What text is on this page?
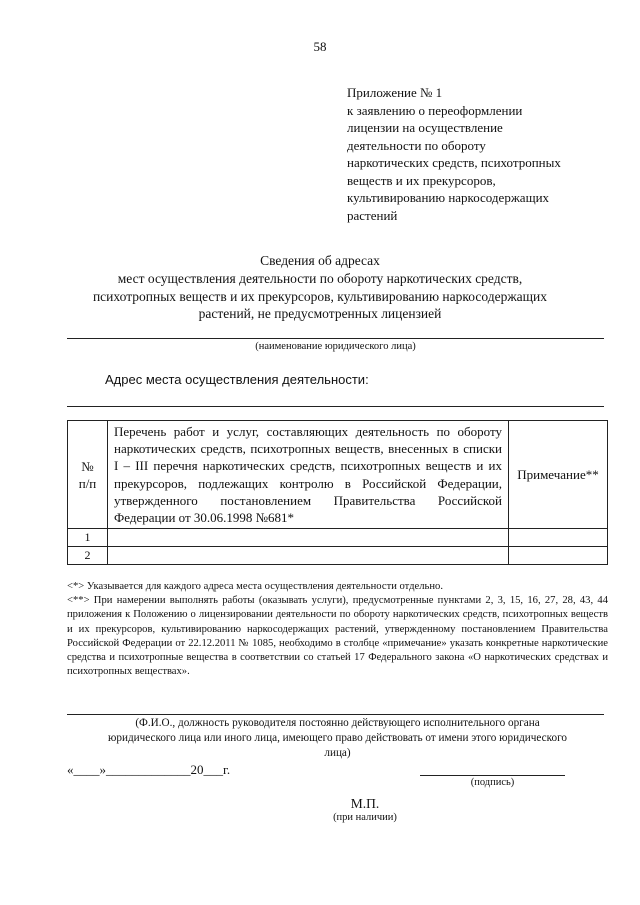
58
Приложение № 1
к заявлению о переоформлении
лицензии на осуществление
деятельности по обороту
наркотических средств, психотропных
веществ и их прекурсоров,
культивированию наркосодержащих
растений
Сведения об адресах
мест осуществления деятельности по обороту наркотических средств,
психотропных веществ и их прекурсоров, культивированию наркосодержащих
растений, не предусмотренных лицензией
(наименование юридического лица)
Адрес места осуществления деятельности:
№
п/п	Перечень работ и услуг, составляющих деятельность по обороту наркотических средств, психотропных веществ, внесенных в списки I – III перечня наркотических средств, психотропных веществ и их прекурсоров, подлежащих контролю в Российской Федерации, утвержденного постановлением Правительства Российской Федерации от 30.06.1998 №681*	Примечание**
1		
2		

<*> Указывается для каждого адреса места осуществления деятельности отдельно.

<**> При намерении выполнять работы (оказывать услуги), предусмотренные пунктами 2, 3, 15, 16, 27, 28, 43, 44 приложения к Положению о лицензировании деятельности по обороту наркотических средств, психотропных веществ и их прекурсоров, культивированию наркосодержащих растений, утвержденному постановлением Правительства Российской Федерации от 22.12.2011 № 1085, необходимо в столбце «примечание» указать конкретные наркотические средства и психотропные вещества в соответствии со статьей 17 Федерального закона «О наркотических средствах и психотропных веществах».

(Ф.И.О., должность руководителя постоянно действующего исполнительного органа
юридического лица или иного лица, имеющего право действовать от имени этого юридического
лица)
«____»_____________20___г.
(подпись)
М.П.
(при наличии)
